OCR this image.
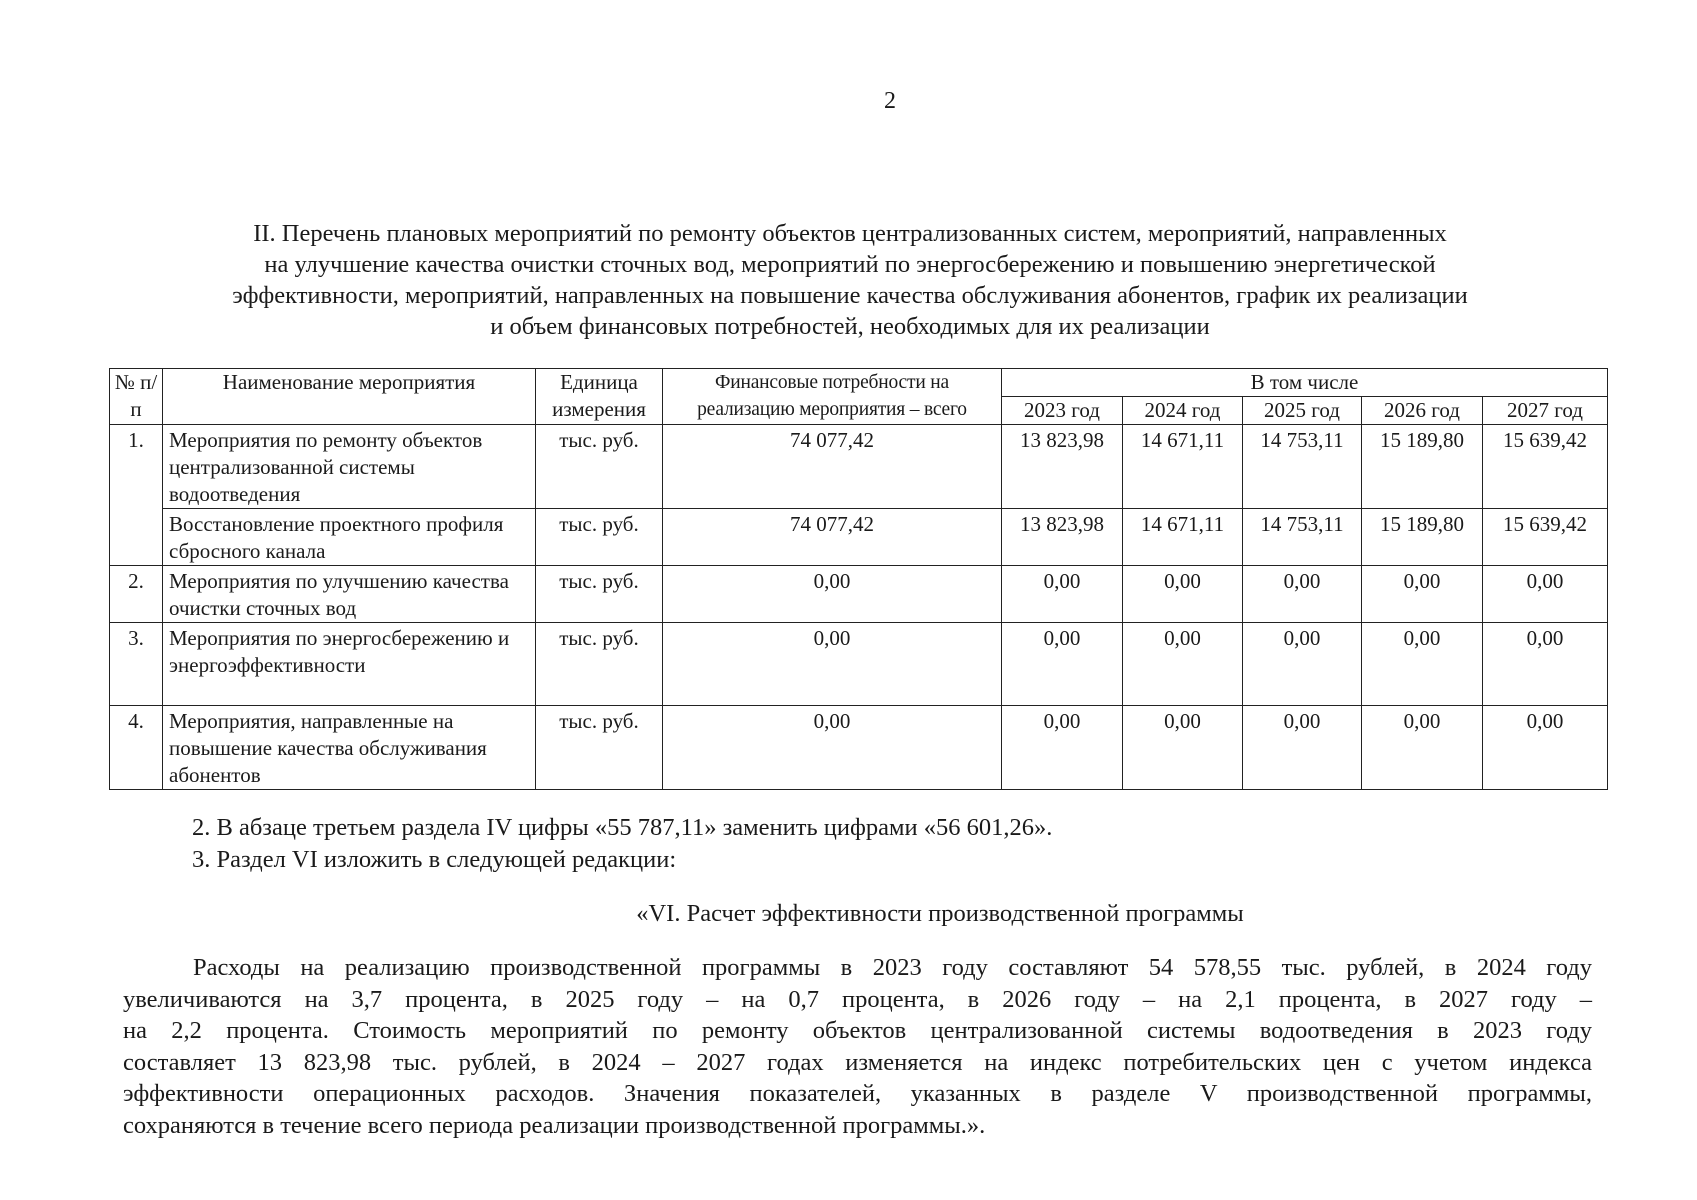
2
II. Перечень плановых мероприятий по ремонту объектов централизованных систем, мероприятий, направленных
на улучшение качества очистки сточных вод, мероприятий по энергосбережению и повышению энергетической
эффективности, мероприятий, направленных на повышение качества обслуживания абонентов, график их реализации
и объем финансовых потребностей, необходимых для их реализации
№ п/п	Наименование мероприятия	Единица измерения	Финансовые потребности на реализацию мероприятия – всего	В том числе				
				2023 год	2024 год	2025 год	2026 год	2027 год
1.	Мероприятия по ремонту объектов централизованной системы водоотведения	тыс. руб.	74 077,42	13 823,98	14 671,11	14 753,11	15 189,80	15 639,42
	Восстановление проектного профиля сбросного канала	тыс. руб.	74 077,42	13 823,98	14 671,11	14 753,11	15 189,80	15 639,42
2.	Мероприятия по улучшению качества очистки сточных вод	тыс. руб.	0,00	0,00	0,00	0,00	0,00	0,00
3.	Мероприятия по энергосбережению и энергоэффективности	тыс. руб.	0,00	0,00	0,00	0,00	0,00	0,00
4.	Мероприятия, направленные на повышение качества обслуживания абонентов	тыс. руб.	0,00	0,00	0,00	0,00	0,00	0,00
2. В абзаце третьем раздела IV цифры «55 787,11» заменить цифрами «56 601,26».
3. Раздел VI изложить в следующей редакции:
«VI. Расчет эффективности производственной программы
Расходы на реализацию производственной программы в 2023 году составляют 54 578,55 тыс. рублей, в 2024 году
увеличиваются на 3,7 процента, в 2025 году – на 0,7 процента, в 2026 году – на 2,1 процента, в 2027 году –
на 2,2 процента. Стоимость мероприятий по ремонту объектов централизованной системы водоотведения в 2023 году
составляет 13 823,98 тыс. рублей, в 2024 – 2027 годах изменяется на индекс потребительских цен с учетом индекса
эффективности операционных расходов. Значения показателей, указанных в разделе V производственной программы,
сохраняются в течение всего периода реализации производственной программы.».
